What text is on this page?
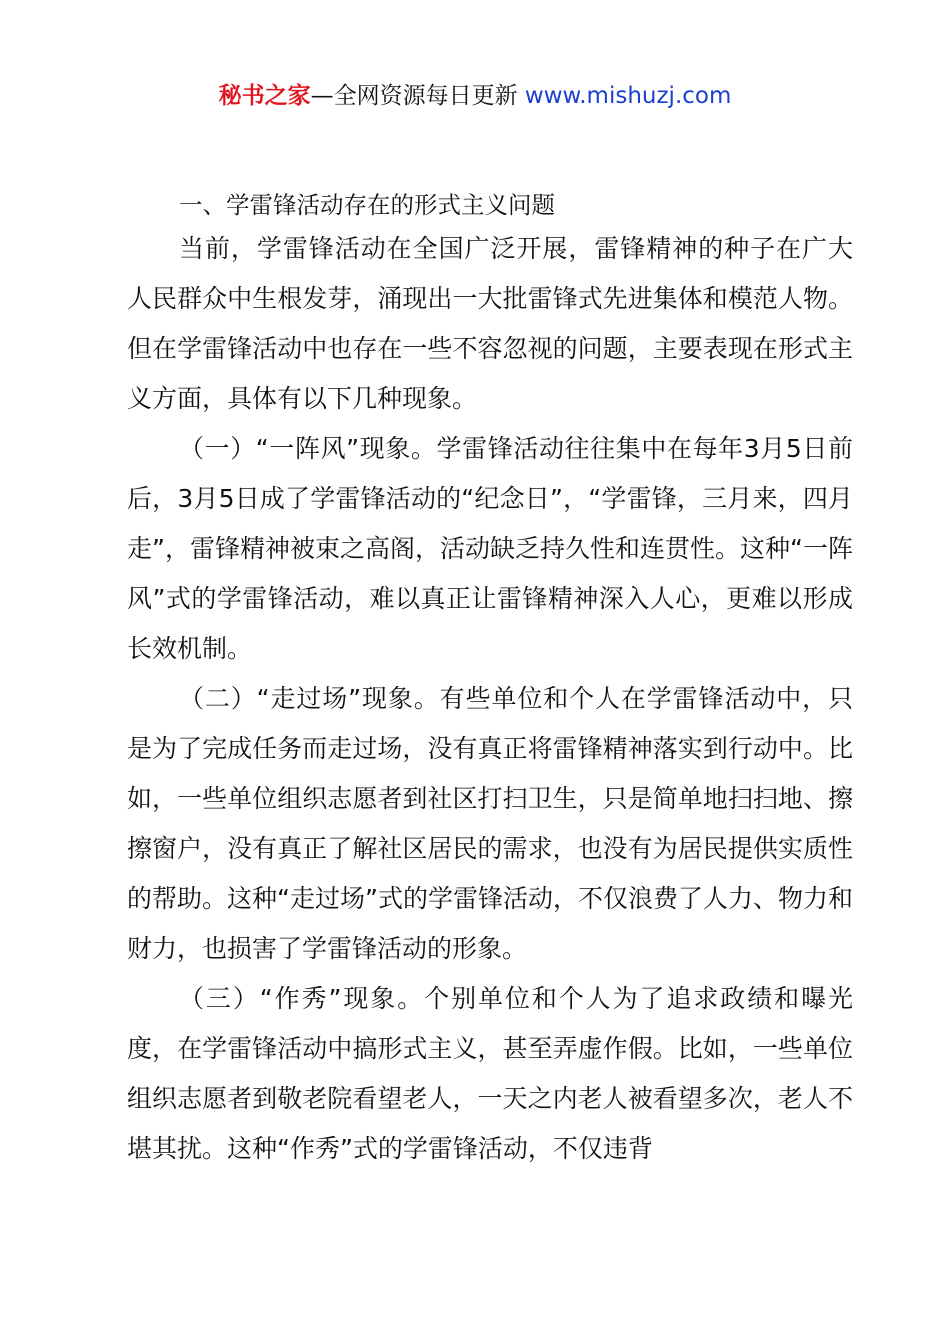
秘书之家—全网资源每日更新 www.mishuzj.com
一、学雷锋活动存在的形式主义问题

当前，学雷锋活动在全国广泛开展，雷锋精神的种子在广大人民群众中生根发芽，涌现出一大批雷锋式先进集体和模范人物。但在学雷锋活动中也存在一些不容忽视的问题，主要表现在形式主义方面，具体有以下几种现象。

（一）“一阵风”现象。学雷锋活动往往集中在每年3月5日前后，3月5日成了学雷锋活动的“纪念日”，“学雷锋，三月来，四月走”，雷锋精神被束之高阁，活动缺乏持久性和连贯性。这种“一阵风”式的学雷锋活动，难以真正让雷锋精神深入人心，更难以形成长效机制。

（二）“走过场”现象。有些单位和个人在学雷锋活动中，只是为了完成任务而走过场，没有真正将雷锋精神落实到行动中。比如，一些单位组织志愿者到社区打扫卫生，只是简单地扫扫地、擦擦窗户，没有真正了解社区居民的需求，也没有为居民提供实质性的帮助。这种“走过场”式的学雷锋活动，不仅浪费了人力、物力和财力，也损害了学雷锋活动的形象。

（三）“作秀”现象。个别单位和个人为了追求政绩和曝光度，在学雷锋活动中搞形式主义，甚至弄虚作假。比如，一些单位组织志愿者到敬老院看望老人，一天之内老人被看望多次，老人不堪其扰。这种“作秀”式的学雷锋活动，不仅违背
